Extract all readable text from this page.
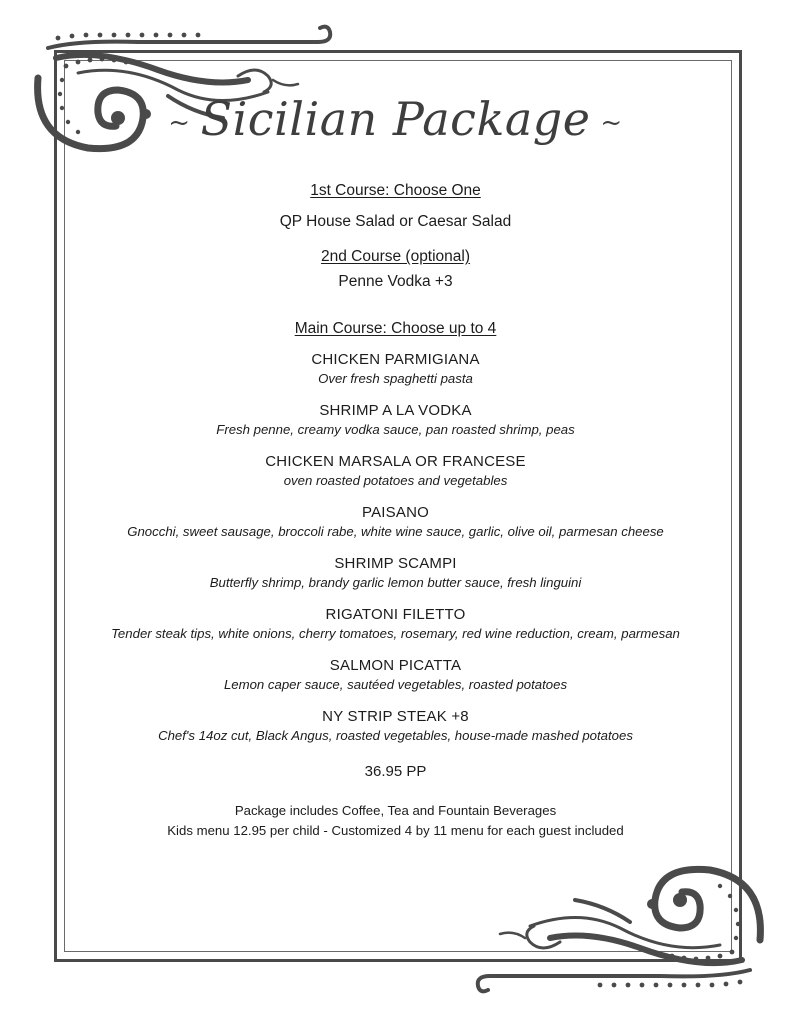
~ Sicilian Package ~
1st Course: Choose One
QP House Salad or Caesar Salad
2nd Course (optional)
Penne Vodka +3
Main Course: Choose up to 4
CHICKEN PARMIGIANA
Over fresh spaghetti pasta
SHRIMP A LA VODKA
Fresh penne, creamy vodka sauce, pan roasted shrimp, peas
CHICKEN MARSALA OR FRANCESE
oven roasted potatoes and vegetables
PAISANO
Gnocchi, sweet sausage, broccoli rabe, white wine sauce, garlic, olive oil, parmesan cheese
SHRIMP SCAMPI
Butterfly shrimp, brandy garlic lemon butter sauce, fresh linguini
RIGATONI FILETTO
Tender steak tips, white onions, cherry tomatoes, rosemary, red wine reduction, cream, parmesan
SALMON PICATTA
Lemon caper sauce, sautéed vegetables, roasted potatoes
NY STRIP STEAK +8
Chef's 14oz cut, Black Angus, roasted vegetables, house-made mashed potatoes
36.95 PP
Package includes Coffee, Tea and Fountain Beverages
Kids menu 12.95 per child - Customized 4 by 11 menu for each guest included
